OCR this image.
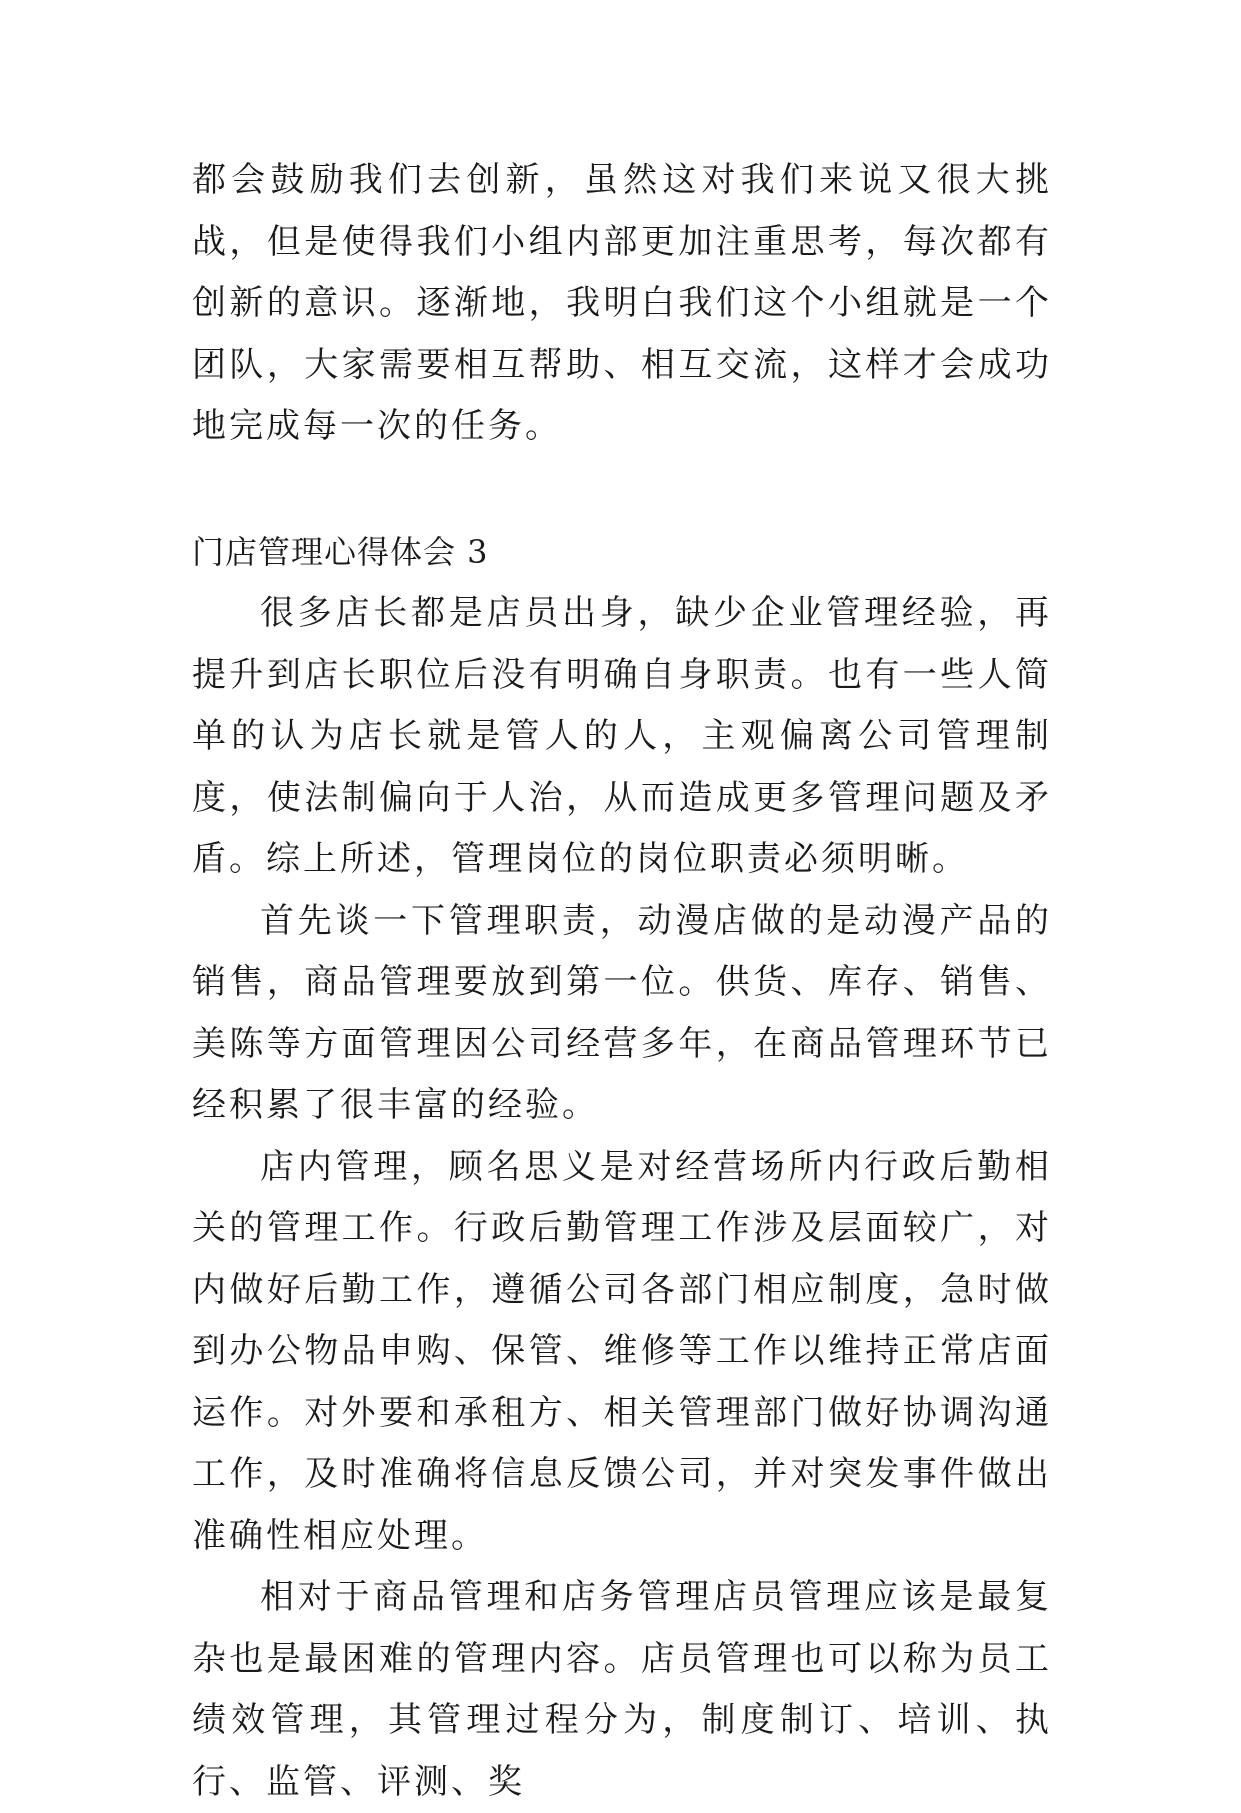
都会鼓励我们去创新，虽然这对我们来说又很大挑战，但是使得我们小组内部更加注重思考，每次都有创新的意识。逐渐地，我明白我们这个小组就是一个团队，大家需要相互帮助、相互交流，这样才会成功地完成每一次的任务。

门店管理心得体会 3

很多店长都是店员出身，缺少企业管理经验，再提升到店长职位后没有明确自身职责。也有一些人简单的认为店长就是管人的人，主观偏离公司管理制度，使法制偏向于人治，从而造成更多管理问题及矛盾。综上所述，管理岗位的岗位职责必须明晰。

首先谈一下管理职责，动漫店做的是动漫产品的销售，商品管理要放到第一位。供货、库存、销售、美陈等方面管理因公司经营多年，在商品管理环节已经积累了很丰富的经验。

店内管理，顾名思义是对经营场所内行政后勤相关的管理工作。行政后勤管理工作涉及层面较广，对内做好后勤工作，遵循公司各部门相应制度，急时做到办公物品申购、保管、维修等工作以维持正常店面运作。对外要和承租方、相关管理部门做好协调沟通工作，及时准确将信息反馈公司，并对突发事件做出准确性相应处理。

相对于商品管理和店务管理店员管理应该是最复杂也是最困难的管理内容。店员管理也可以称为员工绩效管理，其管理过程分为，制度制订、培训、执行、监管、评测、奖
